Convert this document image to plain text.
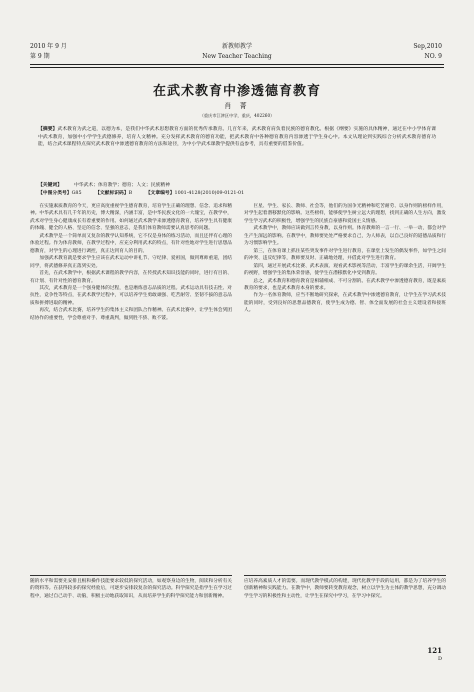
2010 年 9 月
第 9 期
新教师教学
New Teacher Teaching
Sep,2010
NO. 9
在武术教育中渗透德育教育
肖 菁
（重庆市江津区中学，重庆，402260）
【摘要】武术教育为武之道，以德为本，是我们中华武术思想教育方面的优秀传承教育。几百年来，武术教育肩负着民族的德育教化。根据《纲要》实施的具体精神，通过在中小学体育课中武术教育，加强中小学学生武德修养，培育人文精神。充分发挥武术教育的德育功能，把武术教育中各种德育教育内容渗透于学生身心中。本文从理论到实践综合分析武术教育德育功能，结合武术课程特点探究武术教育中渗透德育教育的方法和途径，为中小学武术课教学提供有益参考，具有重要的借鉴价值。
【关键词】	中华武术；体育教学；德育；人文；民族精神
【中图分类号】G85	【文献标识码】B	【文章编号】1001-4128(2010)09-0121-01

在实施素质教育的今天，更应高度重视学生德育教育，培育学生正确的理想、信念、追求和精神。中华武术具有几千年的历史，博大精深，内涵丰富，是中华民族文化的一大瑰宝，在教学中，武术对学生身心健康成长有着重要的作用。如何通过武术教学来渗透德育教育，培养学生具有健康的体魄、健全的人格、坚定的信念、坚强的意志，是我们体育教师需要认真思考的问题。

武术教学是一个简单而又复杂的教学认知系统，它不仅是身体的练习活动，而且还伴有心理的体验过程。作为体育教师，在教学过程中，应充分利用武术的特点，有针对性地对学生进行思想品德教育，对学生的心理进行调控，真正达到育人的目的。

加强武术教育就是要求学生应该在武术运动中讲礼节、守纪律、爱祖国，做到尊师重道，团结同学，将武德修养真正落到实处。

首先，在武术教学中，根据武术课程的教学内容，在传授武术知识技能的同时，进行有目的、有计划、有针对性的德育教育。

其次，武术教育是一个强身健体的过程，也是磨炼意志品质的过程。武术运动具有技击性、对抗性、竞争性等特点，在武术教学过程中，可以培养学生勇敢顽强、吃苦耐劳、坚韧不拔的意志品质和拼搏进取的精神。

再次，结合武术比赛，培养学生的集体主义和团队合作精神。在武术比赛中，让学生体会到团结协作的重要性，学会尊重对手、尊重裁判，做到胜不骄、败不馁。

巨星、学生、家长、教师、社会等，他们的为国争光精神和吃苦耐劳、以身作则的榜样作用，对学生起着潜移默化的影响。这些榜样，能够使学生树立远大的理想，找到正确的人生方向，激发学生学习武术的积极性，增强学生的民族自豪感和爱国主义情感。

武术教学中，教师应该做到言传身教，以身作则。体育教师的一言一行、一举一动，都会对学生产生深远的影响。在教学中，教师要处处严格要求自己，为人师表，以自己良好的道德品质和行为习惯影响学生。

第三，在体育课上抓住某些突发事件对学生进行教育，在课堂上发生的偶发事件，如学生之间的冲突、违反纪律等，教师要及时、正确地处理，并借此对学生进行教育。

第四，通过开展武术比赛、武术表演、观看武术影视等活动，丰富学生的课余生活，开阔学生的视野，增强学生的集体荣誉感，使学生在潜移默化中受到教育。

总之，武术教育和德育教育是相辅相成、不可分割的。在武术教学中渗透德育教育，既是素质教育的要求，也是武术教育本身的要求。

作为一名体育教师，应当不断地研究探索，在武术教学中渗透德育教育，让学生在学习武术技能的同时，受到良好的思想品德教育，使学生成为德、智、体全面发展的社会主义建设者和接班人。

随的水平和需要先安排且根和操作技能要求较低的探究活动，如观察身边的生物，阅读和分析有关的资料等。在获得较多的探究经验后，可逐步安排较复杂的探究活动。科学探究是指学生在学习过程中，通过自己动手、动脑，积极主动地获取知识，从而培养学生的科学探究能力和创新精神。

应培养高素质人才的需要。而现代教学模式的构建，现代化教学手段的运用，都是为了培养学生的创新精神和实践能力。在教学中，教师要转变教育观念，树立以学生为主体的教学思想，充分调动学生学习的积极性和主动性，让学生在探究中学习，在学习中探究。

121
D
